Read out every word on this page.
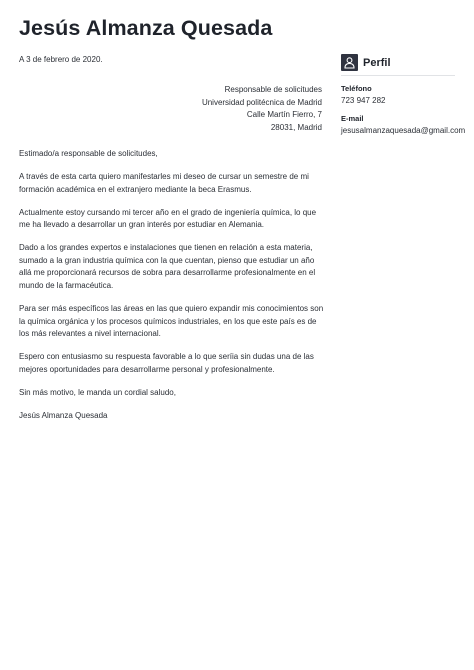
Jesús Almanza Quesada
A 3 de febrero de 2020.
Responsable de solicitudes
Universidad politécnica de Madrid
Calle Martín Fierro, 7
28031, Madrid

Estimado/a responsable de solicitudes,

A través de esta carta quiero manifestarles mi deseo de cursar un semestre de mi formación académica en el extranjero mediante la beca Erasmus.

Actualmente estoy cursando mi tercer año en el grado de ingeniería química, lo que me ha llevado a desarrollar un gran interés por estudiar en Alemania.

Dado a los grandes expertos e instalaciones que tienen en relación a esta materia, sumado a la gran industria química con la que cuentan, pienso que estudiar un año allá me proporcionará recursos de sobra para desarrollarme profesionalmente en el mundo de la farmacéutica.

Para ser más específicos las áreas en las que quiero expandir mis conocimientos son la química orgánica y los procesos químicos industriales, en los que este país es de los más relevantes a nivel internacional.

Espero con entusiasmo su respuesta favorable a lo que seríia sin dudas una de las mejores oportunidades para desarrollarme personal y profesionalmente.

Sin más motivo, le manda un cordial saludo,

Jesús Almanza Quesada

Perfil
Teléfono
723 947 282
E-mail
jesusalmanzaquesada@gmail.com
